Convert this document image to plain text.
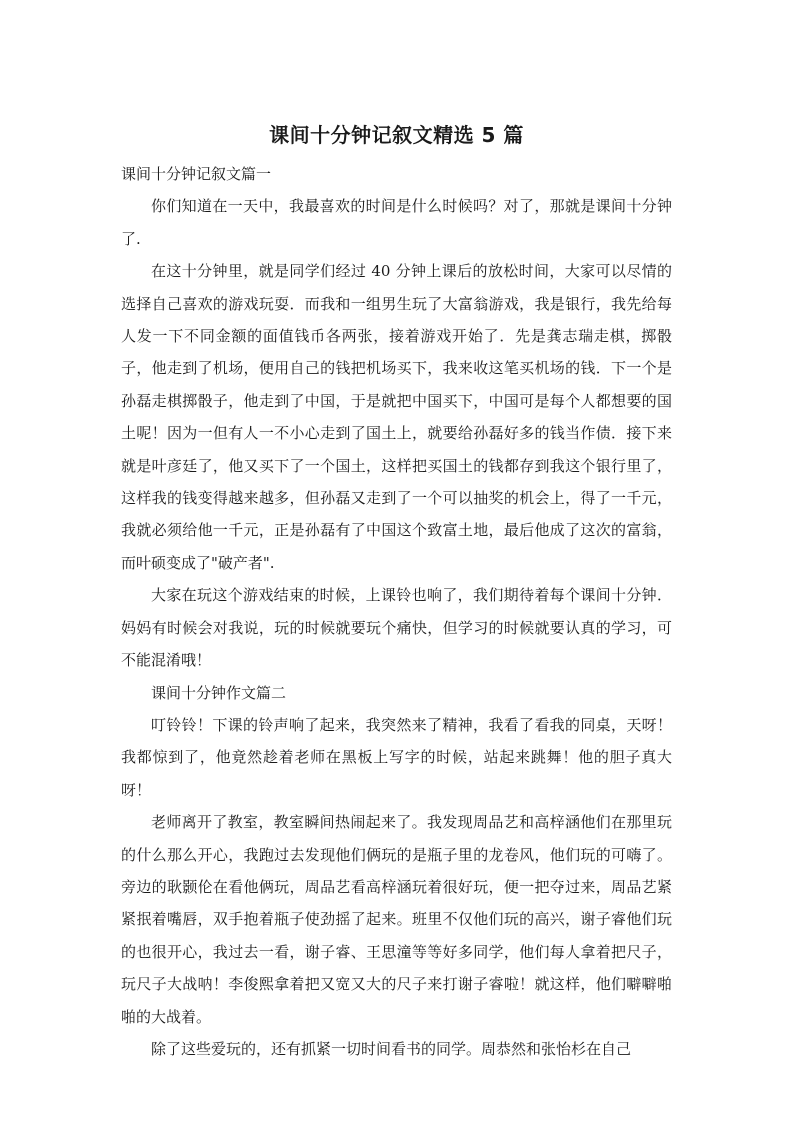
课间十分钟记叙文精选 5 篇

课间十分钟记叙文篇一

你们知道在一天中，我最喜欢的时间是什么时候吗？对了，那就是课间十分钟了.

在这十分钟里，就是同学们经过 40 分钟上课后的放松时间，大家可以尽情的选择自己喜欢的游戏玩耍．而我和一组男生玩了大富翁游戏，我是银行，我先给每人发一下不同金额的面值钱币各两张，接着游戏开始了．先是龚志瑞走棋，掷骰子，他走到了机场，便用自己的钱把机场买下，我来收这笔买机场的钱．下一个是孙磊走棋掷骰子，他走到了中国，于是就把中国买下，中国可是每个人都想要的国土呢！因为一但有人一不小心走到了国土上，就要给孙磊好多的钱当作债．接下来就是叶彦廷了，他又买下了一个国土，这样把买国土的钱都存到我这个银行里了，这样我的钱变得越来越多，但孙磊又走到了一个可以抽奖的机会上，得了一千元，我就必须给他一千元，正是孙磊有了中国这个致富土地，最后他成了这次的富翁，而叶硕变成了"破产者".

大家在玩这个游戏结束的时候，上课铃也响了，我们期待着每个课间十分钟．妈妈有时候会对我说，玩的时候就要玩个痛快，但学习的时候就要认真的学习，可不能混淆哦！

课间十分钟作文篇二

叮铃铃！下课的铃声响了起来，我突然来了精神，我看了看我的同桌，天呀！我都惊到了，他竟然趁着老师在黑板上写字的时候，站起来跳舞！他的胆子真大呀！

老师离开了教室，教室瞬间热闹起来了。我发现周品艺和高梓涵他们在那里玩的什么那么开心，我跑过去发现他们俩玩的是瓶子里的龙卷风，他们玩的可嗨了。旁边的耿颢伦在看他俩玩，周品艺看高梓涵玩着很好玩，便一把夺过来，周品艺紧紧抿着嘴唇，双手抱着瓶子使劲摇了起来。班里不仅他们玩的高兴，谢子睿他们玩的也很开心，我过去一看，谢子睿、王思潼等等好多同学，他们每人拿着把尺子，玩尺子大战呐！李俊熙拿着把又宽又大的尺子来打谢子睿啦！就这样，他们噼噼啪啪的大战着。

除了这些爱玩的，还有抓紧一切时间看书的同学。周恭然和张怡杉在自己
